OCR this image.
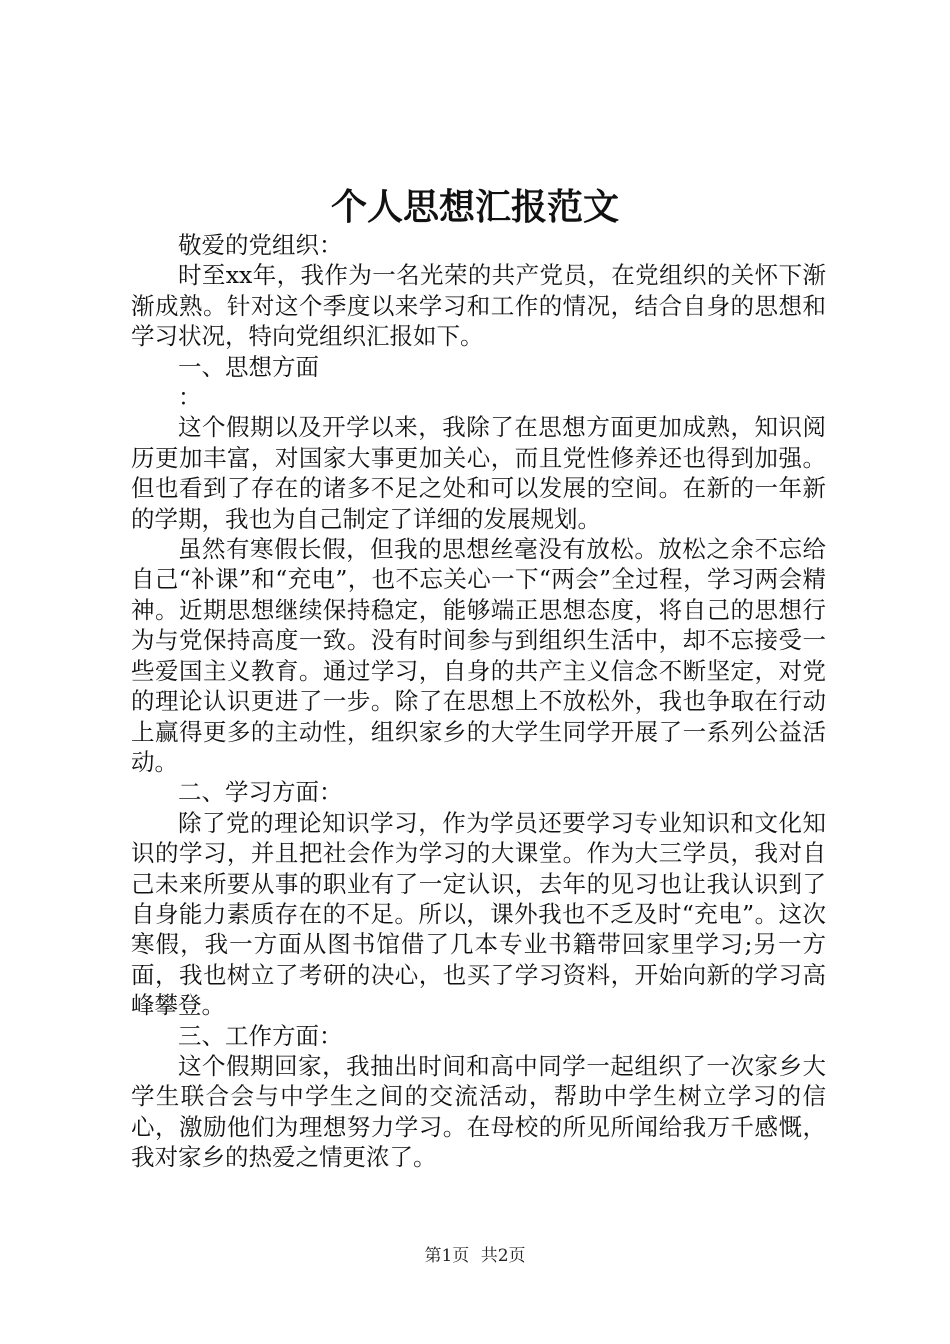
个人思想汇报范文

敬爱的党组织：

时至xx年，我作为一名光荣的共产党员，在党组织的关怀下渐渐成熟。针对这个季度以来学习和工作的情况，结合自身的思想和学习状况，特向党组织汇报如下。

一、思想方面

：

这个假期以及开学以来，我除了在思想方面更加成熟，知识阅历更加丰富，对国家大事更加关心，而且党性修养还也得到加强。但也看到了存在的诸多不足之处和可以发展的空间。在新的一年新的学期，我也为自己制定了详细的发展规划。

虽然有寒假长假，但我的思想丝毫没有放松。放松之余不忘给自己“补课”和“充电”，也不忘关心一下“两会”全过程，学习两会精神。近期思想继续保持稳定，能够端正思想态度，将自己的思想行为与党保持高度一致。没有时间参与到组织生活中，却不忘接受一些爱国主义教育。通过学习，自身的共产主义信念不断坚定，对党的理论认识更进了一步。除了在思想上不放松外，我也争取在行动上赢得更多的主动性，组织家乡的大学生同学开展了一系列公益活动。

二、学习方面：

除了党的理论知识学习，作为学员还要学习专业知识和文化知识的学习，并且把社会作为学习的大课堂。作为大三学员，我对自己未来所要从事的职业有了一定认识，去年的见习也让我认识到了自身能力素质存在的不足。所以，课外我也不乏及时“充电”。这次寒假，我一方面从图书馆借了几本专业书籍带回家里学习;另一方面，我也树立了考研的决心，也买了学习资料，开始向新的学习高峰攀登。

三、工作方面：

这个假期回家，我抽出时间和高中同学一起组织了一次家乡大学生联合会与中学生之间的交流活动，帮助中学生树立学习的信心，激励他们为理想努力学习。在母校的所见所闻给我万千感慨，我对家乡的热爱之情更浓了。

第1页 共2页
